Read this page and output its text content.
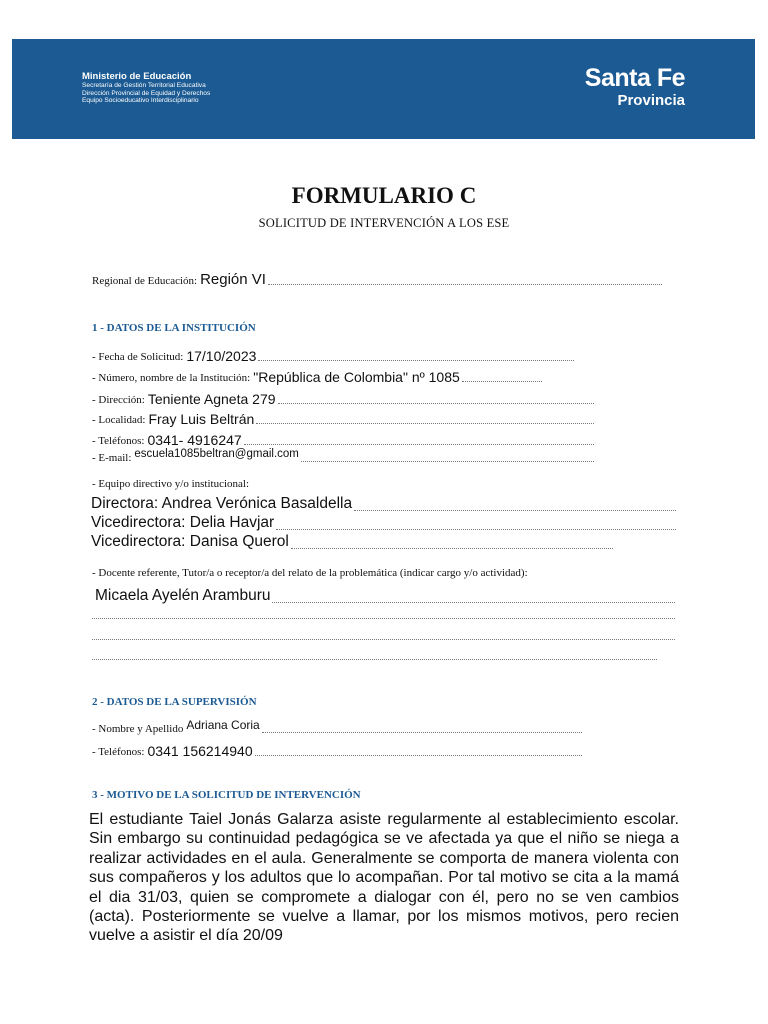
Ministerio de Educación
Secretaría de Gestión Territorial Educativa
Dirección Provincial de Equidad y Derechos
Equipo Socioeducativo Interdisciplinario
Santa Fe
Provincia
FORMULARIO C
SOLICITUD DE INTERVENCIÓN A LOS ESE
Regional de Educación: Región VI
1 - DATOS DE LA INSTITUCIÓN
- Fecha de Solicitud: 17/10/2023
- Número, nombre de la Institución: "República de Colombia" nº 1085
- Dirección: Teniente Agneta 279
- Localidad: Fray Luis Beltrán
- Teléfonos: 0341- 4916247
- E-mail: escuela1085beltran@gmail.com
- Equipo directivo y/o institucional:
Directora: Andrea Verónica Basaldella
Vicedirectora: Delia Havjar
Vicedirectora: Danisa Querol
- Docente referente, Tutor/a o receptor/a del relato de la problemática (indicar cargo y/o actividad):
Micaela Ayelén Aramburu
2 - DATOS DE LA SUPERVISIÓN
- Nombre y Apellido Adriana Coria
- Teléfonos: 0341 156214940
3 - MOTIVO DE LA SOLICITUD DE INTERVENCIÓN
El estudiante Taiel Jonás Galarza asiste regularmente al establecimiento escolar. Sin embargo su continuidad pedagógica se ve afectada ya que el niño se niega a realizar actividades en el aula. Generalmente se comporta de manera violenta con sus compañeros y los adultos que lo acompañan. Por tal motivo se cita a la mamá el dia 31/03, quien se compromete a dialogar con él, pero no se ven cambios (acta). Posteriormente se vuelve a llamar, por los mismos motivos, pero recien vuelve a asistir el día 20/09
